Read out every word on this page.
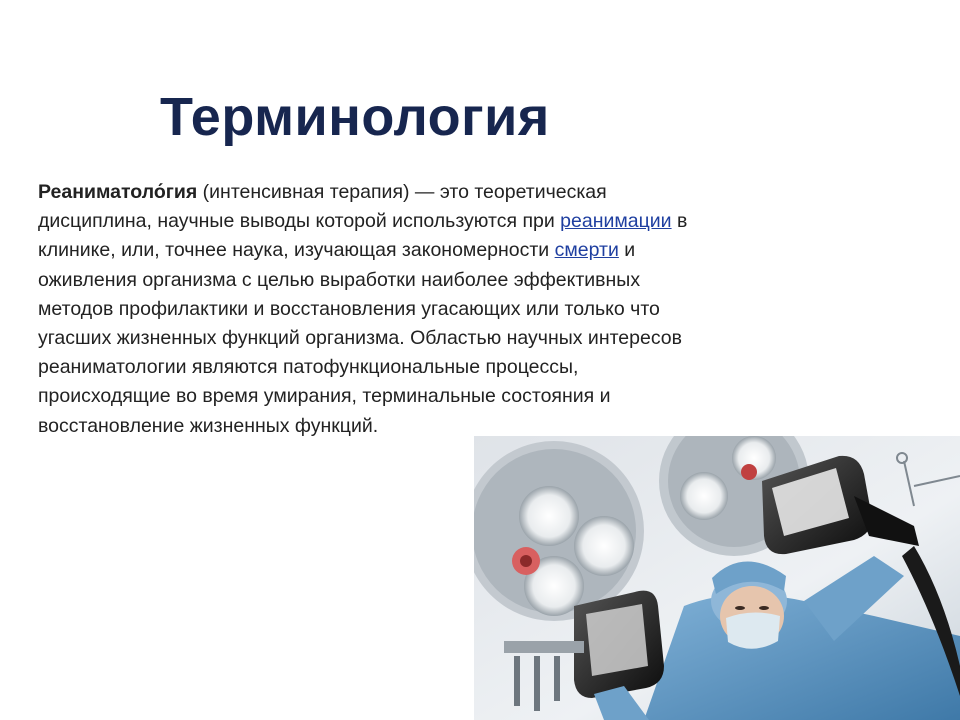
Терминология
Реаниматоло́гия (интенсивная терапия) — это теоретическая дисциплина, научные выводы которой используются при реанимации в клинике, или, точнее наука, изучающая закономерности смерти и оживления организма с целью выработки наиболее эффективных методов профилактики и восстановления угасающих или только что угасших жизненных функций организма. Областью научных интересов реаниматологии являются патофункциональные процессы, происходящие во время умирания, терминальные состояния и восстановление жизненных функций.
